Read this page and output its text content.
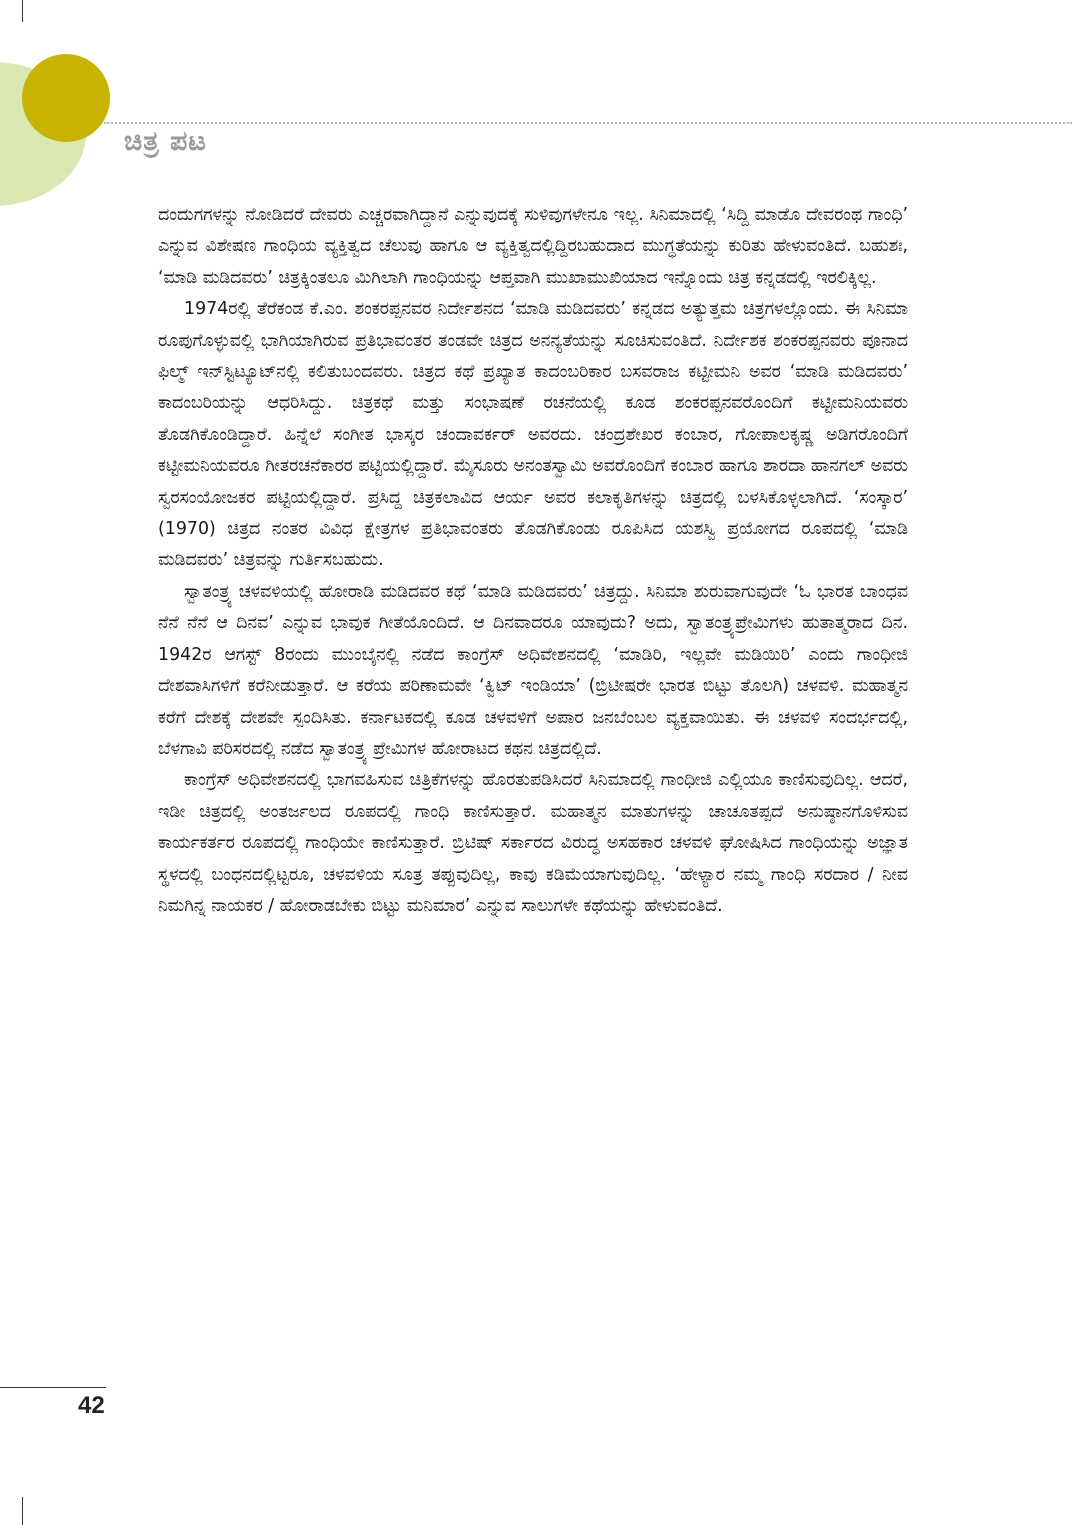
ಚಿತ್ರ ಪಟ

ದಂದುಗಗಳನ್ನು ನೋಡಿದರೆ ದೇವರು ಎಚ್ಚರವಾಗಿದ್ದಾನೆ ಎನ್ನುವುದಕ್ಕೆ ಸುಳಿವುಗಳೇನೂ ಇಲ್ಲ. ಸಿನಿಮಾದಲ್ಲಿ ‘ಸಿದ್ದಿ ಮಾಡೊ ದೇವರಂಥ ಗಾಂಧಿ’ ಎನ್ನುವ ವಿಶೇಷಣ ಗಾಂಧಿಯ ವ್ಯಕ್ತಿತ್ವದ ಚೆಲುವು ಹಾಗೂ ಆ ವ್ಯಕ್ತಿತ್ವದಲ್ಲಿದ್ದಿರಬಹುದಾದ ಮುಗ್ಧತೆಯನ್ನು ಕುರಿತು ಹೇಳುವಂತಿದೆ. ಬಹುಶಃ, ‘ಮಾಡಿ ಮಡಿದವರು’ ಚಿತ್ರಕ್ಕಿಂತಲೂ ಮಿಗಿಲಾಗಿ ಗಾಂಧಿಯನ್ನು ಆಪ್ತವಾಗಿ ಮುಖಾಮುಖಿಯಾದ ಇನ್ನೊಂದು ಚಿತ್ರ ಕನ್ನಡದಲ್ಲಿ ಇರಲಿಕ್ಕಿಲ್ಲ.

1974ರಲ್ಲಿ ತೆರೆಕಂಡ ಕೆ.ಎಂ. ಶಂಕರಪ್ಪನವರ ನಿರ್ದೇಶನದ ‘ಮಾಡಿ ಮಡಿದವರು’ ಕನ್ನಡದ ಅತ್ಯುತ್ತಮ ಚಿತ್ರಗಳಲ್ಲೊಂದು. ಈ ಸಿನಿಮಾ ರೂಪುಗೊಳ್ಳುವಲ್ಲಿ ಭಾಗಿಯಾಗಿರುವ ಪ್ರತಿಭಾವಂತರ ತಂಡವೇ ಚಿತ್ರದ ಅನನ್ಯತೆಯನ್ನು ಸೂಚಿಸುವಂತಿದೆ. ನಿರ್ದೇಶಕ ಶಂಕರಪ್ಪನವರು ಪೂನಾದ ಫಿಲ್ಮ್ ಇನ್‌ಸ್ಟಿಟ್ಯೂಟ್‌ನಲ್ಲಿ ಕಲಿತುಬಂದವರು. ಚಿತ್ರದ ಕಥೆ ಪ್ರಖ್ಯಾತ ಕಾದಂಬರಿಕಾರ ಬಸವರಾಜ ಕಟ್ಟೀಮನಿ ಅವರ ‘ಮಾಡಿ ಮಡಿದವರು’ ಕಾದಂಬರಿಯನ್ನು ಆಧರಿಸಿದ್ದು. ಚಿತ್ರಕಥೆ ಮತ್ತು ಸಂಭಾಷಣೆ ರಚನೆಯಲ್ಲಿ ಕೂಡ ಶಂಕರಪ್ಪನವರೊಂದಿಗೆ ಕಟ್ಟೀಮನಿಯವರು ತೊಡಗಿಕೊಂಡಿದ್ದಾರೆ. ಹಿನ್ನೆಲೆ ಸಂಗೀತ ಭಾಸ್ಕರ ಚಂದಾವರ್ಕರ್ ಅವರದು. ಚಂದ್ರಶೇಖರ ಕಂಬಾರ, ಗೋಪಾಲಕೃಷ್ಣ ಅಡಿಗರೊಂದಿಗೆ ಕಟ್ಟೀಮನಿಯವರೂ ಗೀತರಚನೆಕಾರರ ಪಟ್ಟಿಯಲ್ಲಿದ್ದಾರೆ. ಮೈಸೂರು ಅನಂತಸ್ವಾಮಿ ಅವರೊಂದಿಗೆ ಕಂಬಾರ ಹಾಗೂ ಶಾರದಾ ಹಾನಗಲ್ ಅವರು ಸ್ವರಸಂಯೋಜಕರ ಪಟ್ಟಿಯಲ್ಲಿದ್ದಾರೆ. ಪ್ರಸಿದ್ದ ಚಿತ್ರಕಲಾವಿದ ಆರ್ಯ ಅವರ ಕಲಾಕೃತಿಗಳನ್ನು ಚಿತ್ರದಲ್ಲಿ ಬಳಸಿಕೊಳ್ಳಲಾಗಿದೆ. ‘ಸಂಸ್ಕಾರ’ (1970) ಚಿತ್ರದ ನಂತರ ವಿವಿಧ ಕ್ಷೇತ್ರಗಳ ಪ್ರತಿಭಾವಂತರು ತೊಡಗಿಕೊಂಡು ರೂಪಿಸಿದ ಯಶಸ್ವಿ ಪ್ರಯೋಗದ ರೂಪದಲ್ಲಿ ‘ಮಾಡಿ ಮಡಿದವರು’ ಚಿತ್ರವನ್ನು ಗುರ್ತಿಸಬಹುದು.

ಸ್ವಾತಂತ್ರ್ಯ ಚಳವಳಿಯಲ್ಲಿ ಹೋರಾಡಿ ಮಡಿದವರ ಕಥೆ ‘ಮಾಡಿ ಮಡಿದವರು’ ಚಿತ್ರದ್ದು. ಸಿನಿಮಾ ಶುರುವಾಗುವುದೇ ‘ಓ ಭಾರತ ಬಾಂಧವ ನೆನೆ ನೆನೆ ಆ ದಿನವ’ ಎನ್ನುವ ಭಾವುಕ ಗೀತೆಯೊಂದಿದೆ. ಆ ದಿನವಾದರೂ ಯಾವುದು? ಅದು, ಸ್ವಾತಂತ್ರ್ಯಪ್ರೇಮಿಗಳು ಹುತಾತ್ಮರಾದ ದಿನ. 1942ರ ಆಗಸ್ಟ್ 8ರಂದು ಮುಂಬೈನಲ್ಲಿ ನಡೆದ ಕಾಂಗ್ರೆಸ್ ಅಧಿವೇಶನದಲ್ಲಿ ‘ಮಾಡಿರಿ, ಇಲ್ಲವೇ ಮಡಿಯಿರಿ’ ಎಂದು ಗಾಂಧೀಜಿ ದೇಶವಾಸಿಗಳಿಗೆ ಕರೆನೀಡುತ್ತಾರೆ. ಆ ಕರೆಯ ಪರಿಣಾಮವೇ ‘ಕ್ವಿಟ್ ಇಂಡಿಯಾ’ (ಬ್ರಿಟೀಷರೇ ಭಾರತ ಬಿಟ್ಟು ತೊಲಗಿ) ಚಳವಳಿ. ಮಹಾತ್ಮನ ಕರೆಗೆ ದೇಶಕ್ಕೆ ದೇಶವೇ ಸ್ಪಂದಿಸಿತು. ಕರ್ನಾಟಕದಲ್ಲಿ ಕೂಡ ಚಳವಳಿಗೆ ಅಪಾರ ಜನಬೆಂಬಲ ವ್ಯಕ್ತವಾಯಿತು. ಈ ಚಳವಳಿ ಸಂದರ್ಭದಲ್ಲಿ, ಬೆಳಗಾವಿ ಪರಿಸರದಲ್ಲಿ ನಡೆದ ಸ್ವಾತಂತ್ರ್ಯ ಪ್ರೇಮಿಗಳ ಹೋರಾಟದ ಕಥನ ಚಿತ್ರದಲ್ಲಿದೆ.

ಕಾಂಗ್ರೆಸ್ ಅಧಿವೇಶನದಲ್ಲಿ ಭಾಗವಹಿಸುವ ಚಿತ್ರಿಕೆಗಳನ್ನು ಹೊರತುಪಡಿಸಿದರೆ ಸಿನಿಮಾದಲ್ಲಿ ಗಾಂಧೀಜಿ ಎಲ್ಲಿಯೂ ಕಾಣಿಸುವುದಿಲ್ಲ. ಆದರೆ, ಇಡೀ ಚಿತ್ರದಲ್ಲಿ ಅಂತರ್ಜಲದ ರೂಪದಲ್ಲಿ ಗಾಂಧಿ ಕಾಣಿಸುತ್ತಾರೆ. ಮಹಾತ್ಮನ ಮಾತುಗಳನ್ನು ಚಾಚೂತಪ್ಪದೆ ಅನುಷ್ಠಾನಗೊಳಿಸುವ ಕಾರ್ಯಕರ್ತರ ರೂಪದಲ್ಲಿ ಗಾಂಧಿಯೇ ಕಾಣಿಸುತ್ತಾರೆ. ಬ್ರಿಟಿಷ್ ಸರ್ಕಾರದ ವಿರುದ್ಧ ಅಸಹಕಾರ ಚಳವಳಿ ಘೋಷಿಸಿದ ಗಾಂಧಿಯನ್ನು ಅಜ್ಞಾತ ಸ್ಥಳದಲ್ಲಿ ಬಂಧನದಲ್ಲಿಟ್ಟರೂ, ಚಳವಳಿಯ ಸೂತ್ರ ತಪ್ಪುವುದಿಲ್ಲ, ಕಾವು ಕಡಿಮೆಯಾಗುವುದಿಲ್ಲ. ‘ಹೇಳ್ಯಾರ ನಮ್ಮ ಗಾಂಧಿ ಸರದಾರ / ನೀವ ನಿಮಗಿನ್ನ ನಾಯಕರ / ಹೋರಾಡಬೇಕು ಬಿಟ್ಟು ಮನಿಮಾರ’ ಎನ್ನುವ ಸಾಲುಗಳೇ ಕಥೆಯನ್ನು ಹೇಳುವಂತಿದೆ.

42
